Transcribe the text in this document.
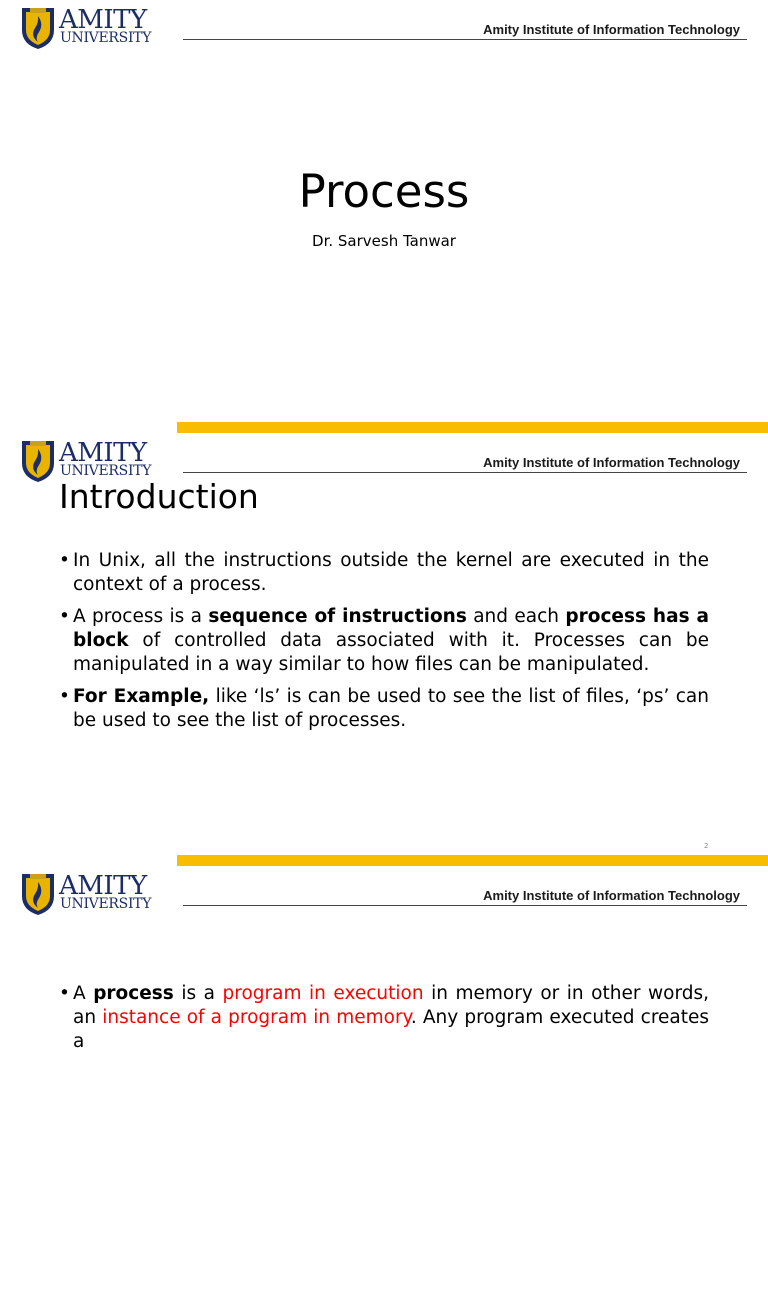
AMITY
UNIVERSITY
Amity Institute of Information Technology
Process
Dr. Sarvesh Tanwar
AMITY
UNIVERSITY
Amity Institute of Information Technology
Introduction
• In Unix, all the instructions outside the kernel are executed in the context of a process.
• A process is a sequence of instructions and each process has a block of controlled data associated with it. Processes can be manipulated in a way similar to how files can be manipulated.
• For Example, like ‘ls’ is can be used to see the list of files, ‘ps’ can be used to see the list of processes.
2
AMITY
UNIVERSITY
Amity Institute of Information Technology
• A process is a program in execution in memory or in other words, an instance of a program in memory. Any program executed creates a
